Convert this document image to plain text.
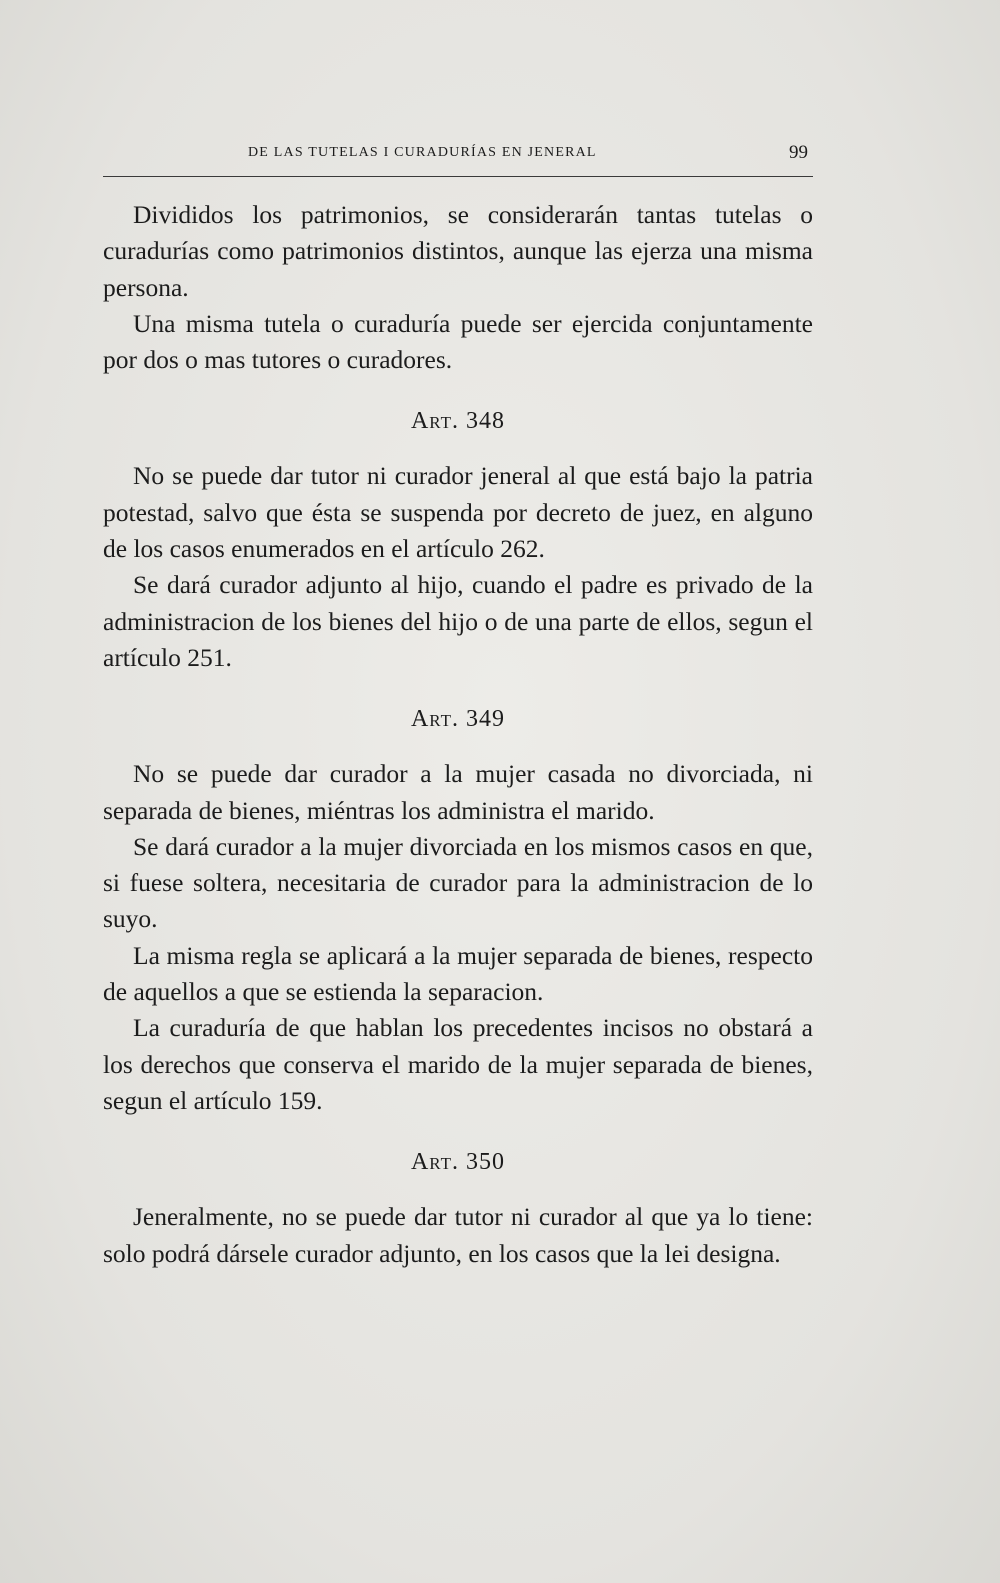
DE LAS TUTELAS I CURADURÍAS EN JENERAL	99

Divididos los patrimonios, se considerarán tantas tutelas o curadurías como patrimonios distintos, aunque las ejerza una misma persona.

Una misma tutela o curaduría puede ser ejercida conjuntamente por dos o mas tutores o curadores.

Art. 348

No se puede dar tutor ni curador jeneral al que está bajo la patria potestad, salvo que ésta se suspenda por decreto de juez, en alguno de los casos enumerados en el artículo 262.

Se dará curador adjunto al hijo, cuando el padre es privado de la administracion de los bienes del hijo o de una parte de ellos, segun el artículo 251.

Art. 349

No se puede dar curador a la mujer casada no divorciada, ni separada de bienes, miéntras los administra el marido.

Se dará curador a la mujer divorciada en los mismos casos en que, si fuese soltera, necesitaria de curador para la administracion de lo suyo.

La misma regla se aplicará a la mujer separada de bienes, respecto de aquellos a que se estienda la separacion.

La curaduría de que hablan los precedentes incisos no obstará a los derechos que conserva el marido de la mujer separada de bienes, segun el artículo 159.

Art. 350

Jeneralmente, no se puede dar tutor ni curador al que ya lo tiene: solo podrá dársele curador adjunto, en los casos que la lei designa.
